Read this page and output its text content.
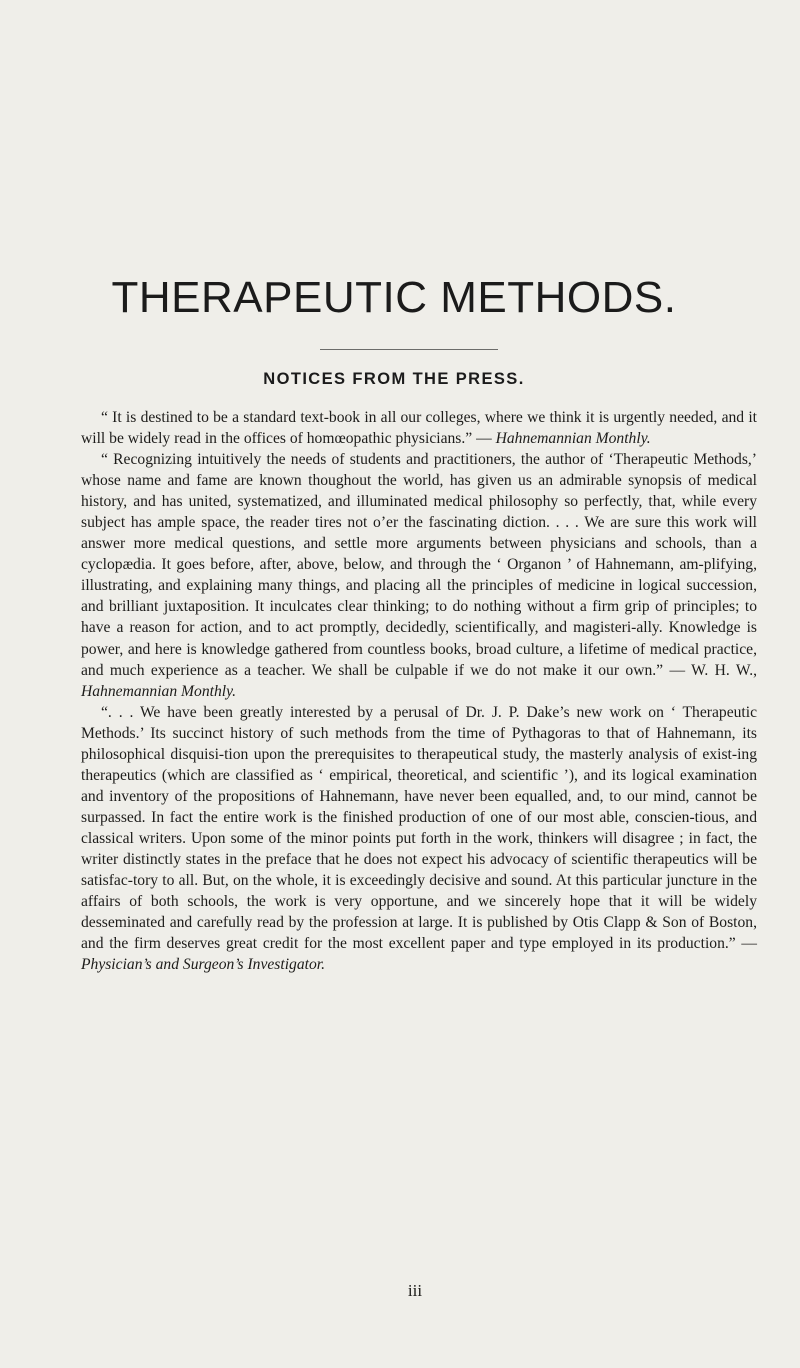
THERAPEUTIC METHODS.
NOTICES FROM THE PRESS.

“ It is destined to be a standard text-book in all our colleges, where we think it is urgently needed, and it will be widely read in the offices of homœopathic physicians.” — Hahnemannian Monthly.

“ Recognizing intuitively the needs of students and practitioners, the author of ‘Therapeutic Methods,’ whose name and fame are known thoughout the world, has given us an admirable synopsis of medical history, and has united, systematized, and illuminated medical philosophy so perfectly, that, while every subject has ample space, the reader tires not o’er the fascinating diction. . . . We are sure this work will answer more medical questions, and settle more arguments between physicians and schools, than a cyclopædia. It goes before, after, above, below, and through the ‘ Organon ’ of Hahnemann, am-plifying, illustrating, and explaining many things, and placing all the principles of medicine in logical succession, and brilliant juxtaposition. It inculcates clear thinking; to do nothing without a firm grip of principles; to have a reason for action, and to act promptly, decidedly, scientifically, and magisteri-ally. Knowledge is power, and here is knowledge gathered from countless books, broad culture, a lifetime of medical practice, and much experience as a teacher. We shall be culpable if we do not make it our own.” — W. H. W., Hahnemannian Monthly.

“. . . We have been greatly interested by a perusal of Dr. J. P. Dake’s new work on ‘ Therapeutic Methods.’ Its succinct history of such methods from the time of Pythagoras to that of Hahnemann, its philosophical disquisi-tion upon the prerequisites to therapeutical study, the masterly analysis of exist-ing therapeutics (which are classified as ‘ empirical, theoretical, and scientific ’), and its logical examination and inventory of the propositions of Hahnemann, have never been equalled, and, to our mind, cannot be surpassed. In fact the entire work is the finished production of one of our most able, conscien-tious, and classical writers. Upon some of the minor points put forth in the work, thinkers will disagree ; in fact, the writer distinctly states in the preface that he does not expect his advocacy of scientific therapeutics will be satisfac-tory to all. But, on the whole, it is exceedingly decisive and sound. At this particular juncture in the affairs of both schools, the work is very opportune, and we sincerely hope that it will be widely desseminated and carefully read by the profession at large. It is published by Otis Clapp & Son of Boston, and the firm deserves great credit for the most excellent paper and type employed in its production.” — Physician’s and Surgeon’s Investigator.

iii
